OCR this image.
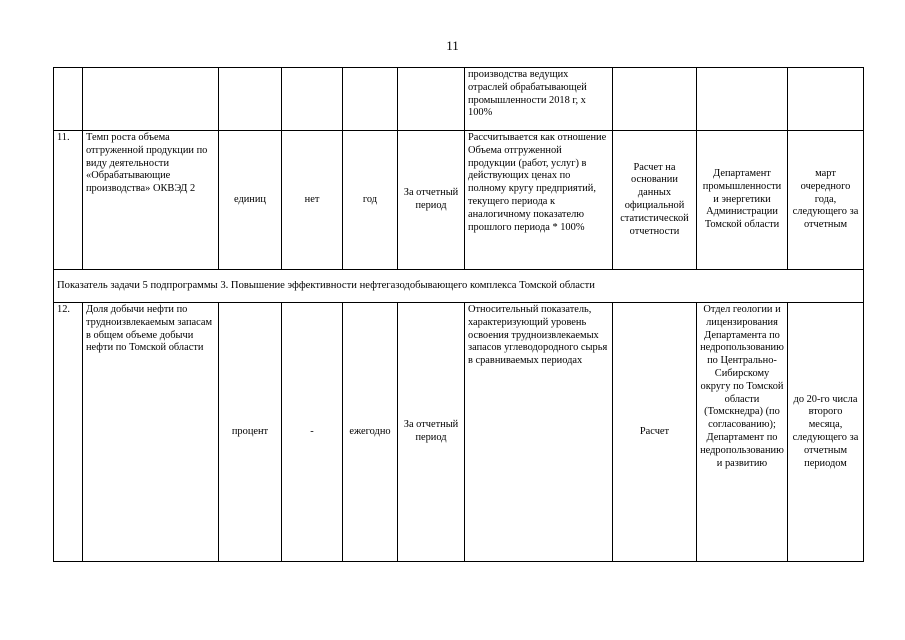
11
						производства ведущих отраслей обрабатывающей промышленности 2018 г, x 100%			
11.	Темп роста объема отгруженной продукции по виду деятельности «Обрабатывающие производства» ОКВЭД 2	единиц	нет	год	За отчетный период	Рассчитывается как отношение Объема отгруженной продукции (работ, услуг) в действующих ценах по полному кругу предприятий, текущего периода к аналогичному показателю прошлого периода * 100%	Расчет на основании данных официальной статистической отчетности	Департамент промышленности и энергетики Администрации Томской области	март очередного года, следующего за отчетным
Показатель задачи 5 подпрограммы 3. Повышение эффективности нефтегазодобывающего комплекса Томской области									
12.	Доля добычи нефти по трудноизвлекаемым запасам в общем объеме добычи нефти по Томской области	процент	-	ежегодно	За отчетный период	Относительный показатель, характеризующий уровень освоения трудноизвлекаемых запасов углеводородного сырья в сравниваемых периодах	Расчет	Отдел геологии и лицензирования Департамента по недропользованию по Центрально-Сибирскому округу по Томской области (Томскнедра) (по согласованию); Департамент по недропользованию и развитию	до 20-го числа второго месяца, следующего за отчетным периодом
